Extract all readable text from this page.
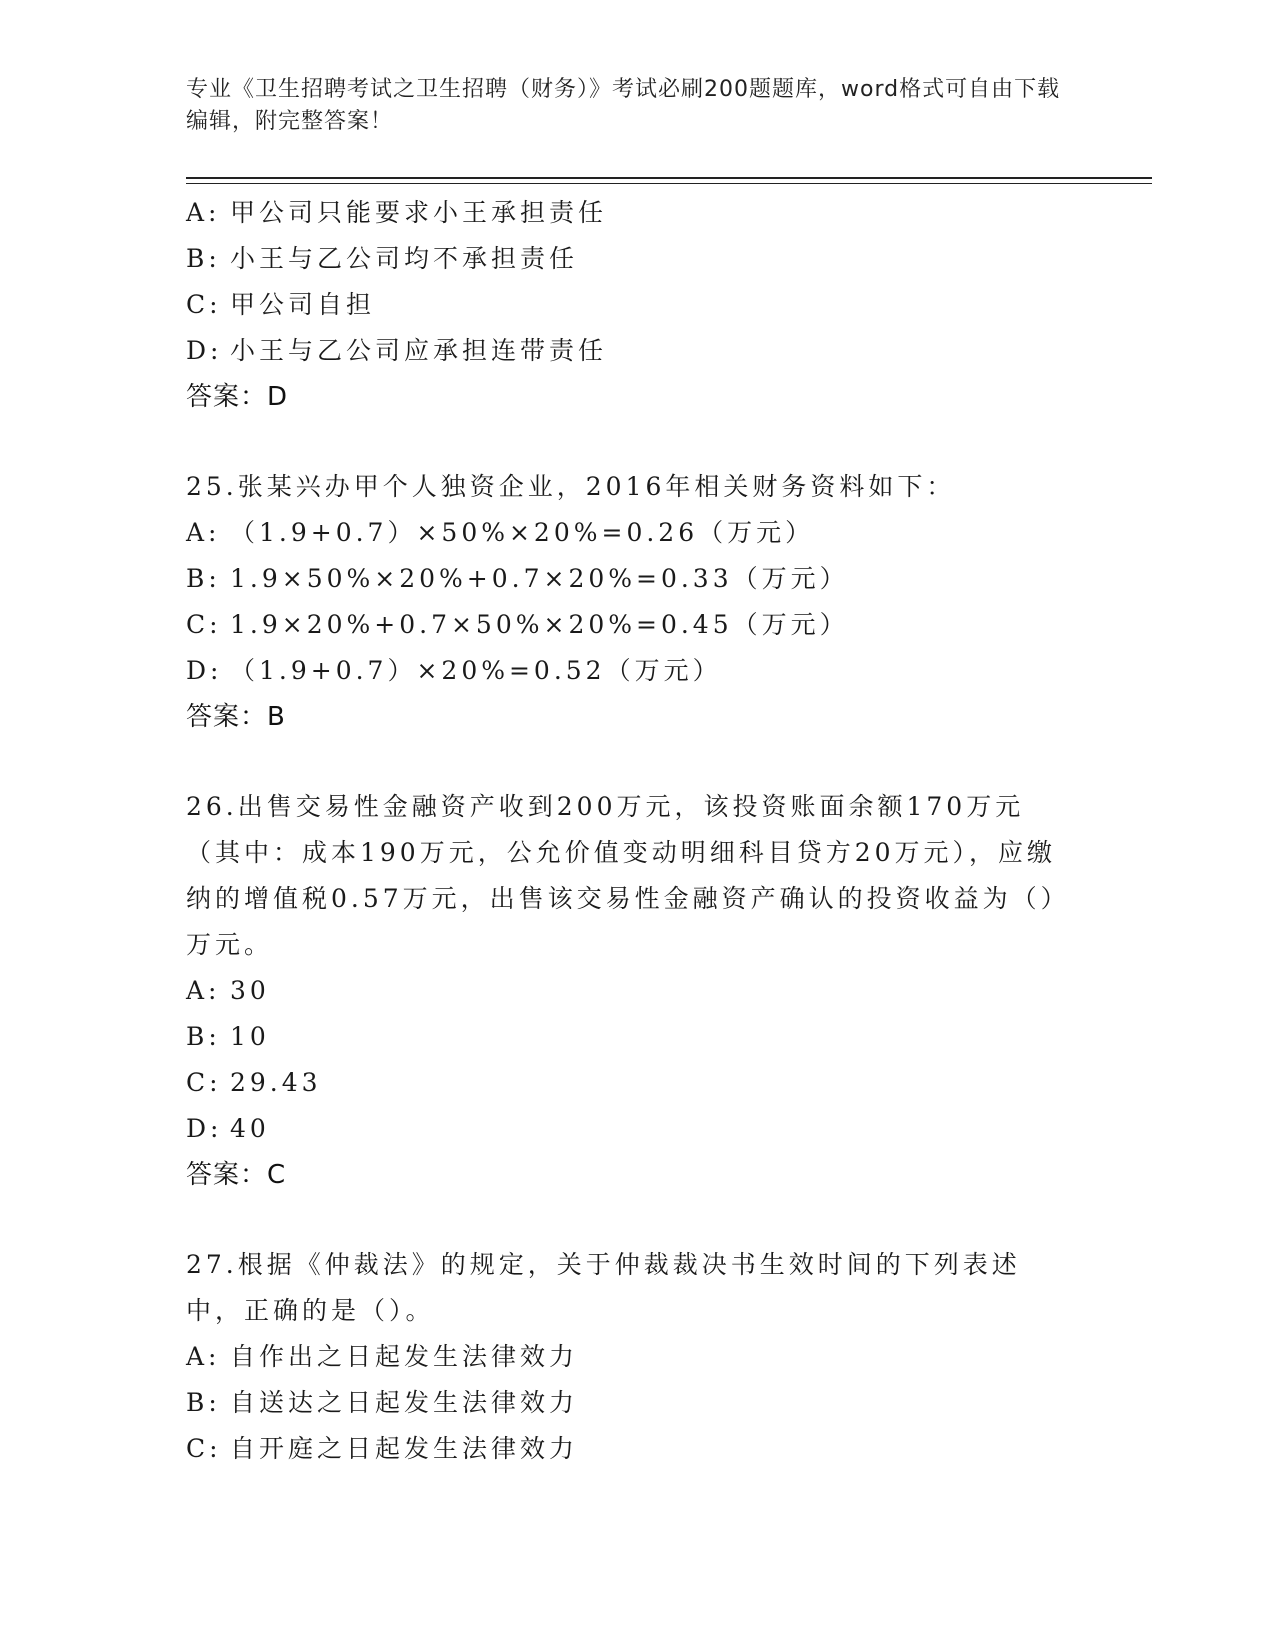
专业《卫生招聘考试之卫生招聘（财务）》考试必刷200题题库，word格式可自由下载编辑，附完整答案！
A: 甲公司只能要求小王承担责任
B: 小王与乙公司均不承担责任
C: 甲公司自担
D: 小王与乙公司应承担连带责任
答案：D
25.张某兴办甲个人独资企业，2016年相关财务资料如下：
A: （1.9+0.7）×50%×20%=0.26（万元）
B: 1.9×50%×20%+0.7×20%=0.33（万元）
C: 1.9×20%+0.7×50%×20%=0.45（万元）
D: （1.9+0.7）×20%=0.52（万元）
答案：B
26.出售交易性金融资产收到200万元，该投资账面余额170万元（其中：成本190万元，公允价值变动明细科目贷方20万元），应缴纳的增值税0.57万元，出售该交易性金融资产确认的投资收益为（）万元。
A: 30
B: 10
C: 29.43
D: 40
答案：C
27.根据《仲裁法》的规定，关于仲裁裁决书生效时间的下列表述中，正确的是（）。
A: 自作出之日起发生法律效力
B: 自送达之日起发生法律效力
C: 自开庭之日起发生法律效力
